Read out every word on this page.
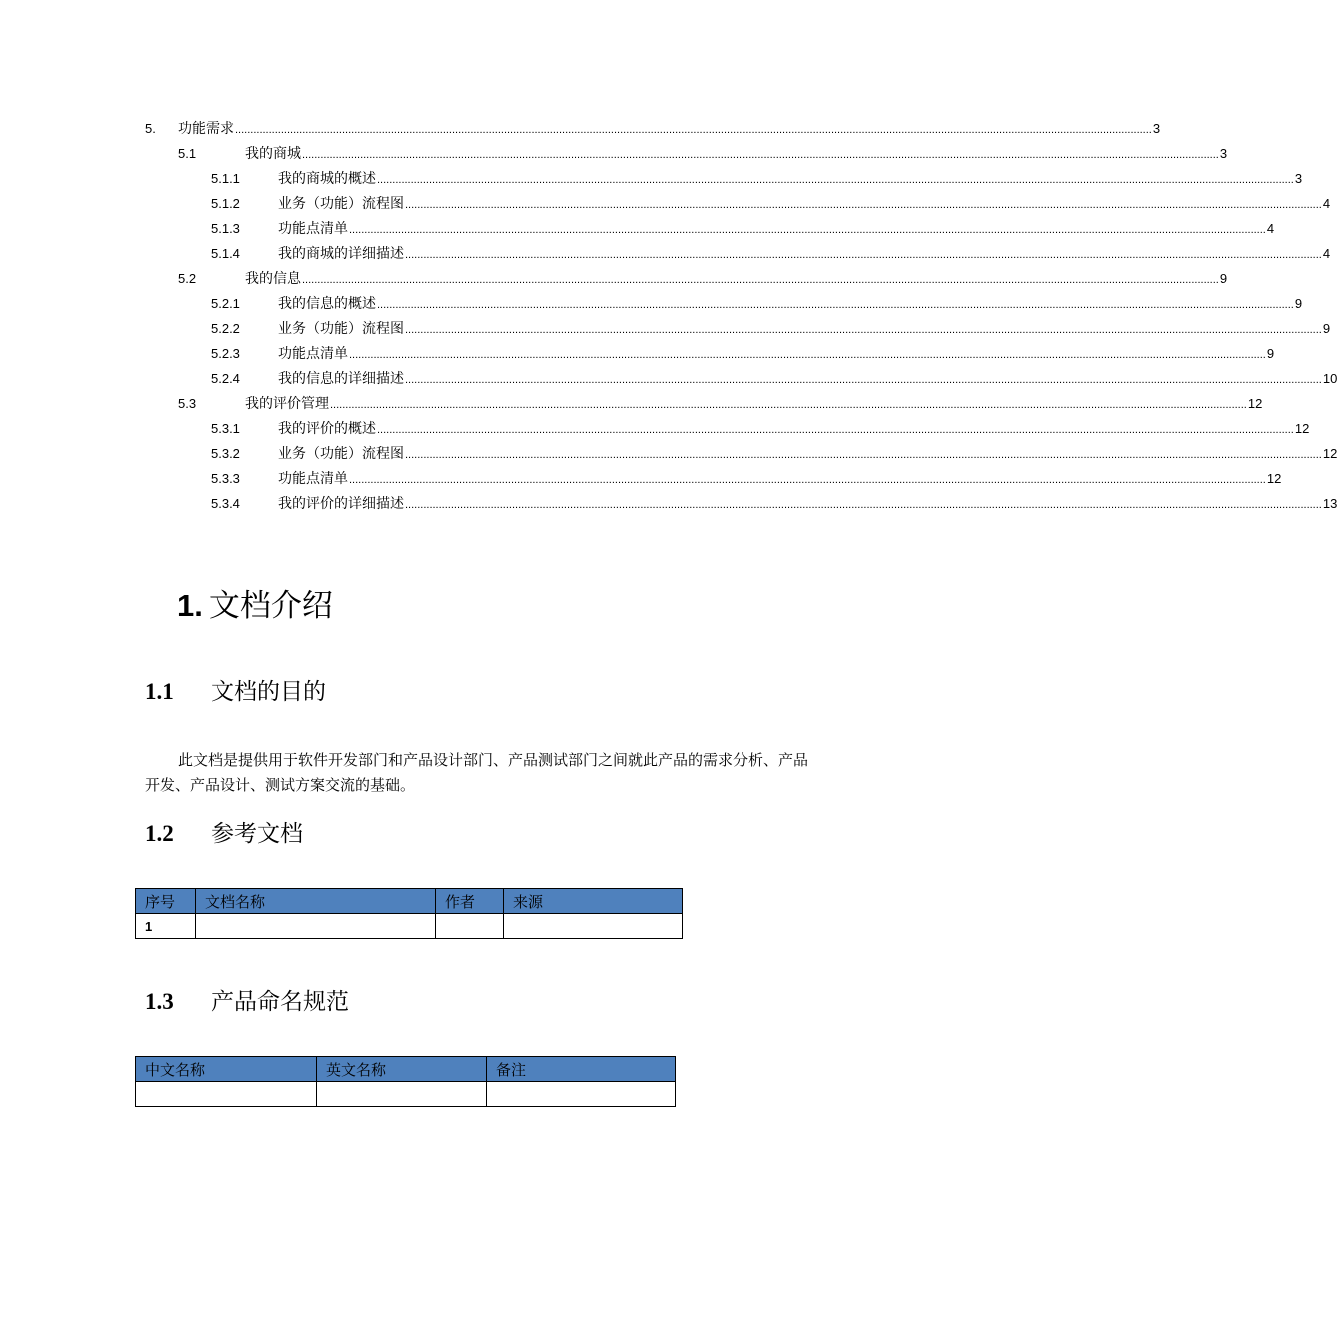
5.	功能需求 ............................................................................................................................................................................................................................................................................................................ 3
5.1	我的商城 ............................................................................................................................................................................................................................................................................................................ 3
5.1.1	我的商城的概述 ............................................................................................................................................................................................................................................................................................................ 3
5.1.2	业务（功能）流程图 ............................................................................................................................................................................................................................................................................................................ 4
5.1.3	功能点清单 ............................................................................................................................................................................................................................................................................................................ 4
5.1.4	我的商城的详细描述 ............................................................................................................................................................................................................................................................................................................ 4
5.2	我的信息 ............................................................................................................................................................................................................................................................................................................ 9
5.2.1	我的信息的概述 ............................................................................................................................................................................................................................................................................................................ 9
5.2.2	业务（功能）流程图 ............................................................................................................................................................................................................................................................................................................ 9
5.2.3	功能点清单 ............................................................................................................................................................................................................................................................................................................ 9
5.2.4	我的信息的详细描述 ............................................................................................................................................................................................................................................................................................................ 10
5.3	我的评价管理 ............................................................................................................................................................................................................................................................................................................ 12
5.3.1	我的评价的概述 ............................................................................................................................................................................................................................................................................................................ 12
5.3.2	业务（功能）流程图 ............................................................................................................................................................................................................................................................................................................ 12
5.3.3	功能点清单 ............................................................................................................................................................................................................................................................................................................ 12
5.3.4	我的评价的详细描述 ............................................................................................................................................................................................................................................................................................................ 13
1. 文档介绍
1.1 文档的目的
此文档是提供用于软件开发部门和产品设计部门、产品测试部门之间就此产品的需求分析、产品开发、产品设计、测试方案交流的基础。
1.2 参考文档
序号	文档名称	作者	来源
1			
1.3 产品命名规范
中文名称	英文名称	备注
